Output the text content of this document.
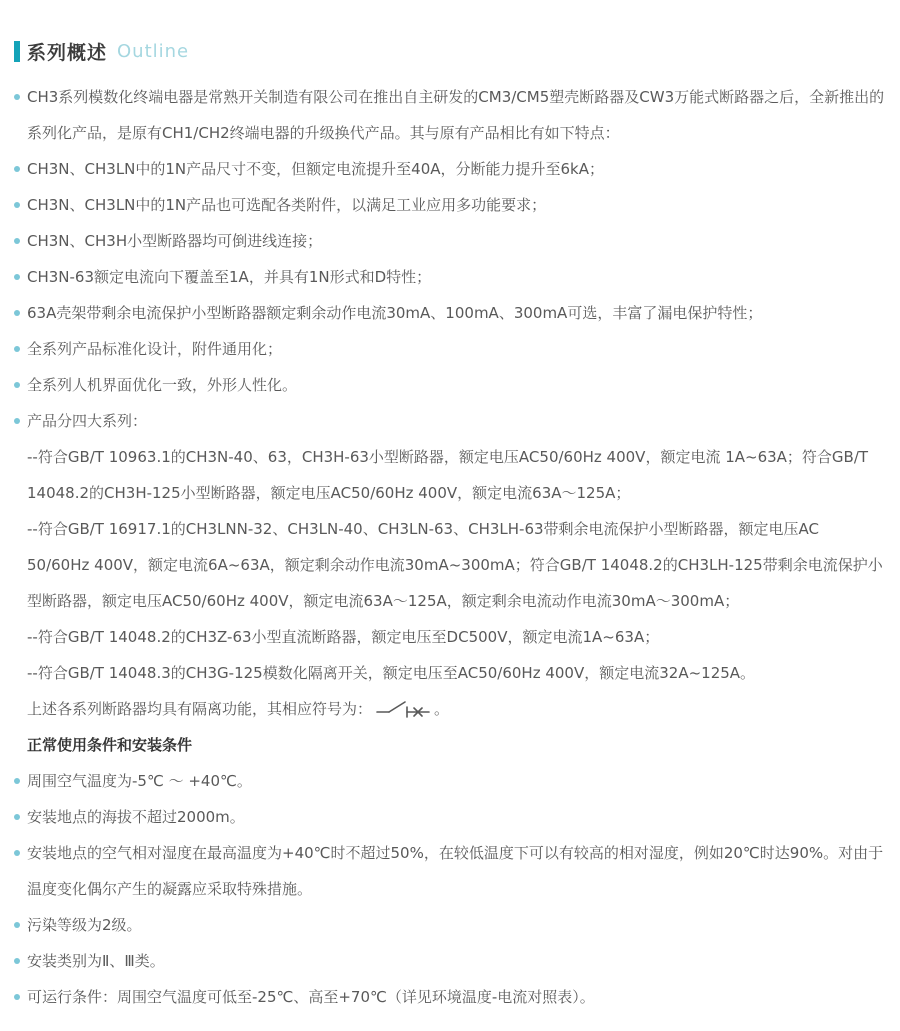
系列概述 Outline
CH3系列模数化终端电器是常熟开关制造有限公司在推出自主研发的CM3/CM5塑壳断路器及CW3万能式断路器之后，全新推出的系列化产品，是原有CH1/CH2终端电器的升级换代产品。其与原有产品相比有如下特点：
CH3N、CH3LN中的1N产品尺寸不变，但额定电流提升至40A，分断能力提升至6kA；
CH3N、CH3LN中的1N产品也可选配各类附件，以满足工业应用多功能要求；
CH3N、CH3H小型断路器均可倒进线连接；
CH3N-63额定电流向下覆盖至1A，并具有1N形式和D特性；
63A壳架带剩余电流保护小型断路器额定剩余动作电流30mA、100mA、300mA可选，丰富了漏电保护特性；
全系列产品标准化设计，附件通用化；
全系列人机界面优化一致，外形人性化。
产品分四大系列：

--符合GB/T 10963.1的CH3N-40、63，CH3H-63小型断路器，额定电压AC50/60Hz 400V，额定电流 1A~63A；符合GB/T 14048.2的CH3H-125小型断路器，额定电压AC50/60Hz 400V，额定电流63A～125A；

--符合GB/T 16917.1的CH3LNN-32、CH3LN-40、CH3LN-63、CH3LH-63带剩余电流保护小型断路器，额定电压AC 50/60Hz 400V，额定电流6A~63A，额定剩余动作电流30mA~300mA；符合GB/T 14048.2的CH3LH-125带剩余电流保护小型断路器，额定电压AC50/60Hz 400V，额定电流63A～125A，额定剩余电流动作电流30mA～300mA；

--符合GB/T 14048.2的CH3Z-63小型直流断路器，额定电压至DC500V，额定电流1A~63A；

--符合GB/T 14048.3的CH3G-125模数化隔离开关，额定电压至AC50/60Hz 400V，额定电流32A~125A。

上述各系列断路器均具有隔离功能，其相应符号为：	。

正常使用条件和安装条件
周围空气温度为-5℃ ～ +40℃。
安装地点的海拔不超过2000m。
安装地点的空气相对湿度在最高温度为+40℃时不超过50%，在较低温度下可以有较高的相对湿度，例如20℃时达90%。对由于温度变化偶尔产生的凝露应采取特殊措施。
污染等级为2级。
安装类别为Ⅱ、Ⅲ类。
可运行条件：周围空气温度可低至-25℃、高至+70℃（详见环境温度-电流对照表）。
